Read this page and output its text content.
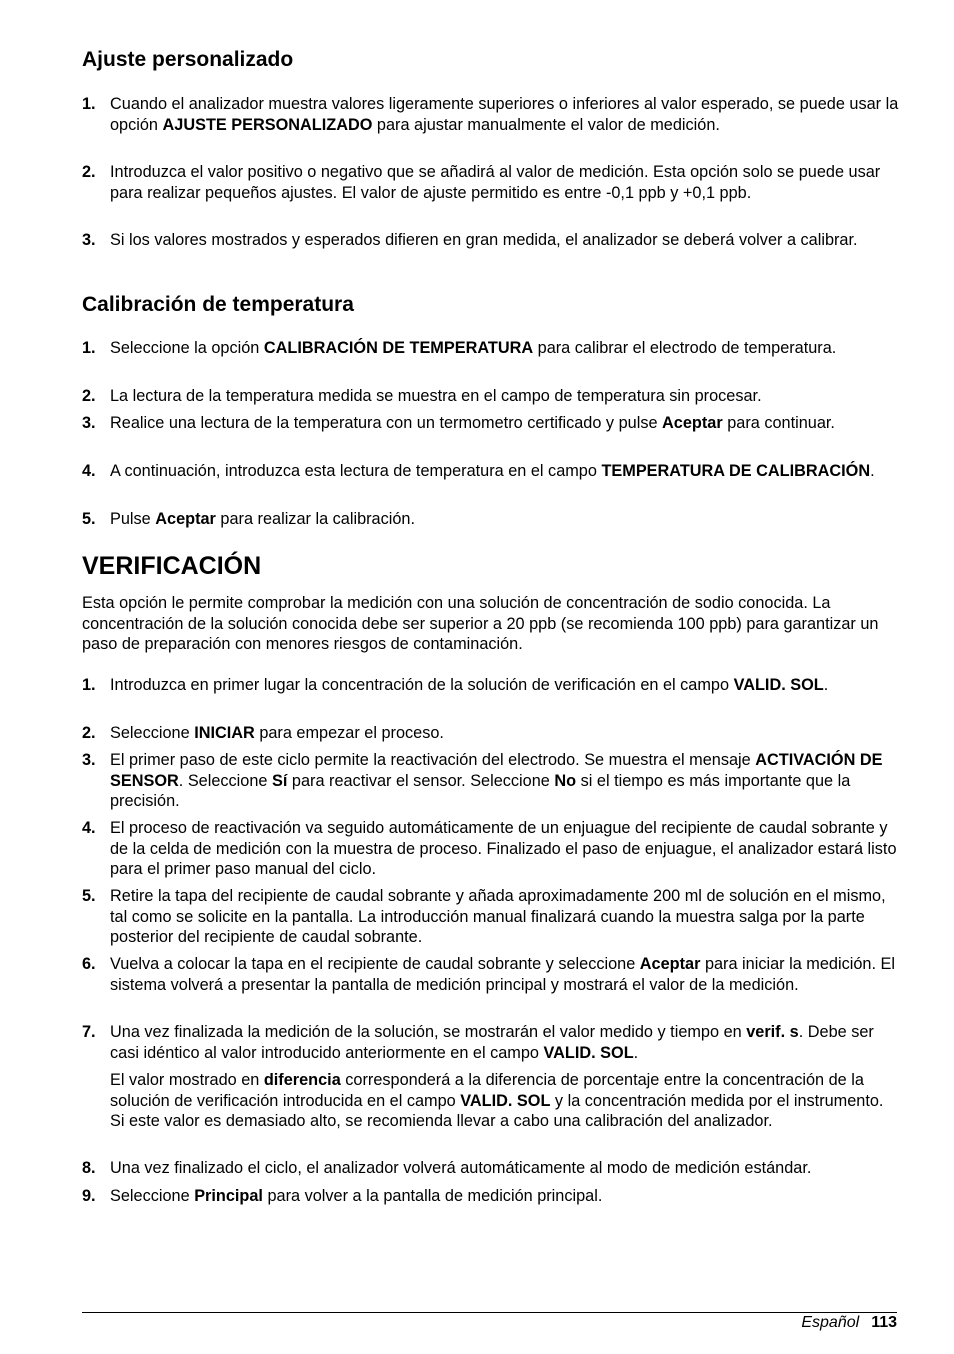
Ajuste personalizado
1. Cuando el analizador muestra valores ligeramente superiores o inferiores al valor esperado, se puede usar la opción AJUSTE PERSONALIZADO para ajustar manualmente el valor de medición.
2. Introduzca el valor positivo o negativo que se añadirá al valor de medición. Esta opción solo se puede usar para realizar pequeños ajustes. El valor de ajuste permitido es entre -0,1 ppb y +0,1 ppb.
3. Si los valores mostrados y esperados difieren en gran medida, el analizador se deberá volver a calibrar.
Calibración de temperatura
1. Seleccione la opción CALIBRACIÓN DE TEMPERATURA para calibrar el electrodo de temperatura.
2. La lectura de la temperatura medida se muestra en el campo de temperatura sin procesar.
3. Realice una lectura de la temperatura con un termometro certificado y pulse Aceptar para continuar.
4. A continuación, introduzca esta lectura de temperatura en el campo TEMPERATURA DE CALIBRACIÓN.
5. Pulse Aceptar para realizar la calibración.
VERIFICACIÓN

Esta opción le permite comprobar la medición con una solución de concentración de sodio conocida. La concentración de la solución conocida debe ser superior a 20 ppb (se recomienda 100 ppb) para garantizar un paso de preparación con menores riesgos de contaminación.

1. Introduzca en primer lugar la concentración de la solución de verificación en el campo VALID. SOL.
2. Seleccione INICIAR para empezar el proceso.
3. El primer paso de este ciclo permite la reactivación del electrodo. Se muestra el mensaje ACTIVACIÓN DE SENSOR. Seleccione Sí para reactivar el sensor. Seleccione No si el tiempo es más importante que la precisión.
4. El proceso de reactivación va seguido automáticamente de un enjuague del recipiente de caudal sobrante y de la celda de medición con la muestra de proceso. Finalizado el paso de enjuague, el analizador estará listo para el primer paso manual del ciclo.
5. Retire la tapa del recipiente de caudal sobrante y añada aproximadamente 200 ml de solución en el mismo, tal como se solicite en la pantalla. La introducción manual finalizará cuando la muestra salga por la parte posterior del recipiente de caudal sobrante.
6. Vuelva a colocar la tapa en el recipiente de caudal sobrante y seleccione Aceptar para iniciar la medición. El sistema volverá a presentar la pantalla de medición principal y mostrará el valor de la medición.
7. Una vez finalizada la medición de la solución, se mostrarán el valor medido y tiempo en verif. s. Debe ser casi idéntico al valor introducido anteriormente en el campo VALID. SOL.
El valor mostrado en diferencia corresponderá a la diferencia de porcentaje entre la concentración de la solución de verificación introducida en el campo VALID. SOL y la concentración medida por el instrumento. Si este valor es demasiado alto, se recomienda llevar a cabo una calibración del analizador.
8. Una vez finalizado el ciclo, el analizador volverá automáticamente al modo de medición estándar.
9. Seleccione Principal para volver a la pantalla de medición principal.
Español 113
